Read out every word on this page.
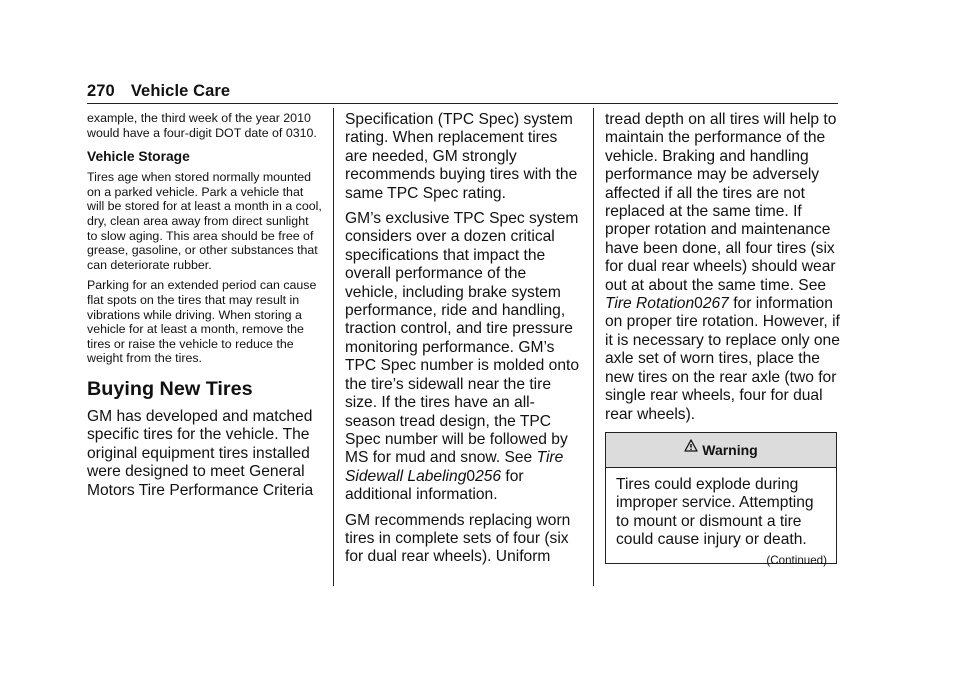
270 Vehicle Care

example, the third week of the year 2010 would have a four-digit DOT date of 0310.

Vehicle Storage

Tires age when stored normally mounted on a parked vehicle. Park a vehicle that will be stored for at least a month in a cool, dry, clean area away from direct sunlight to slow aging. This area should be free of grease, gasoline, or other substances that can deteriorate rubber.

Parking for an extended period can cause flat spots on the tires that may result in vibrations while driving. When storing a vehicle for at least a month, remove the tires or raise the vehicle to reduce the weight from the tires.

Buying New Tires

GM has developed and matched specific tires for the vehicle. The original equipment tires installed were designed to meet General Motors Tire Performance Criteria

Specification (TPC Spec) system rating. When replacement tires are needed, GM strongly recommends buying tires with the same TPC Spec rating.

GM’s exclusive TPC Spec system considers over a dozen critical specifications that impact the overall performance of the vehicle, including brake system performance, ride and handling, traction control, and tire pressure monitoring performance. GM’s TPC Spec number is molded onto the tire’s sidewall near the tire size. If the tires have an all-season tread design, the TPC Spec number will be followed by MS for mud and snow. See Tire Sidewall Labeling0256 for additional information.

GM recommends replacing worn tires in complete sets of four (six for dual rear wheels). Uniform

tread depth on all tires will help to maintain the performance of the vehicle. Braking and handling performance may be adversely affected if all the tires are not replaced at the same time. If proper rotation and maintenance have been done, all four tires (six for dual rear wheels) should wear out at about the same time. See Tire Rotation0267 for information on proper tire rotation. However, if it is necessary to replace only one axle set of worn tires, place the new tires on the rear axle (two for single rear wheels, four for dual rear wheels).

Warning

Tires could explode during improper service. Attempting to mount or dismount a tire could cause injury or death.

(Continued)
